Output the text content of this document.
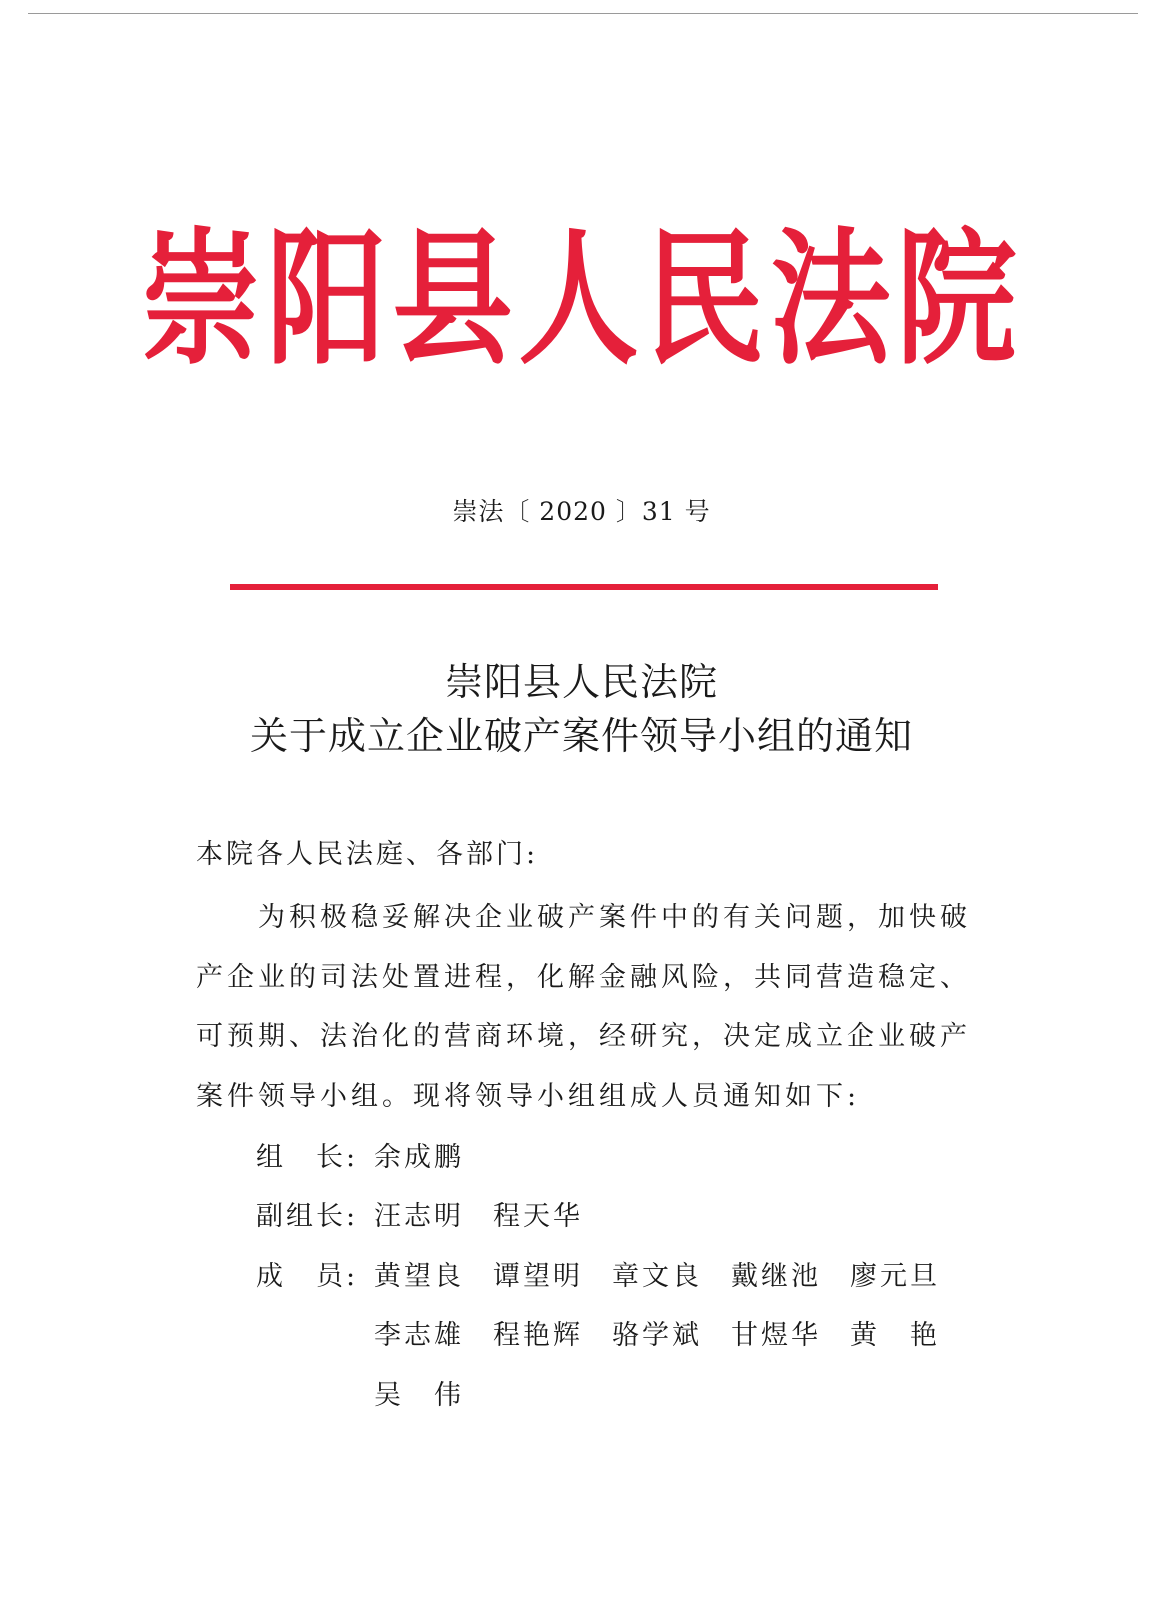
崇阳县人民法院
崇法〔 2020 〕31 号
崇阳县人民法院
关于成立企业破产案件领导小组的通知
本院各人民法庭、各部门:

为积极稳妥解决企业破产案件中的有关问题，加快破产企业的司法处置进程，化解金融风险，共同营造稳定、可预期、法治化的营商环境，经研究，决定成立企业破产案件领导小组。现将领导小组组成人员通知如下:

组　长: 余成鹏
副组长: 汪志明	程天华
成　员: 黄望良	谭望明	章文良	戴继池	廖元旦
李志雄	程艳辉	骆学斌	甘煜华	黄　艳
吴　伟
